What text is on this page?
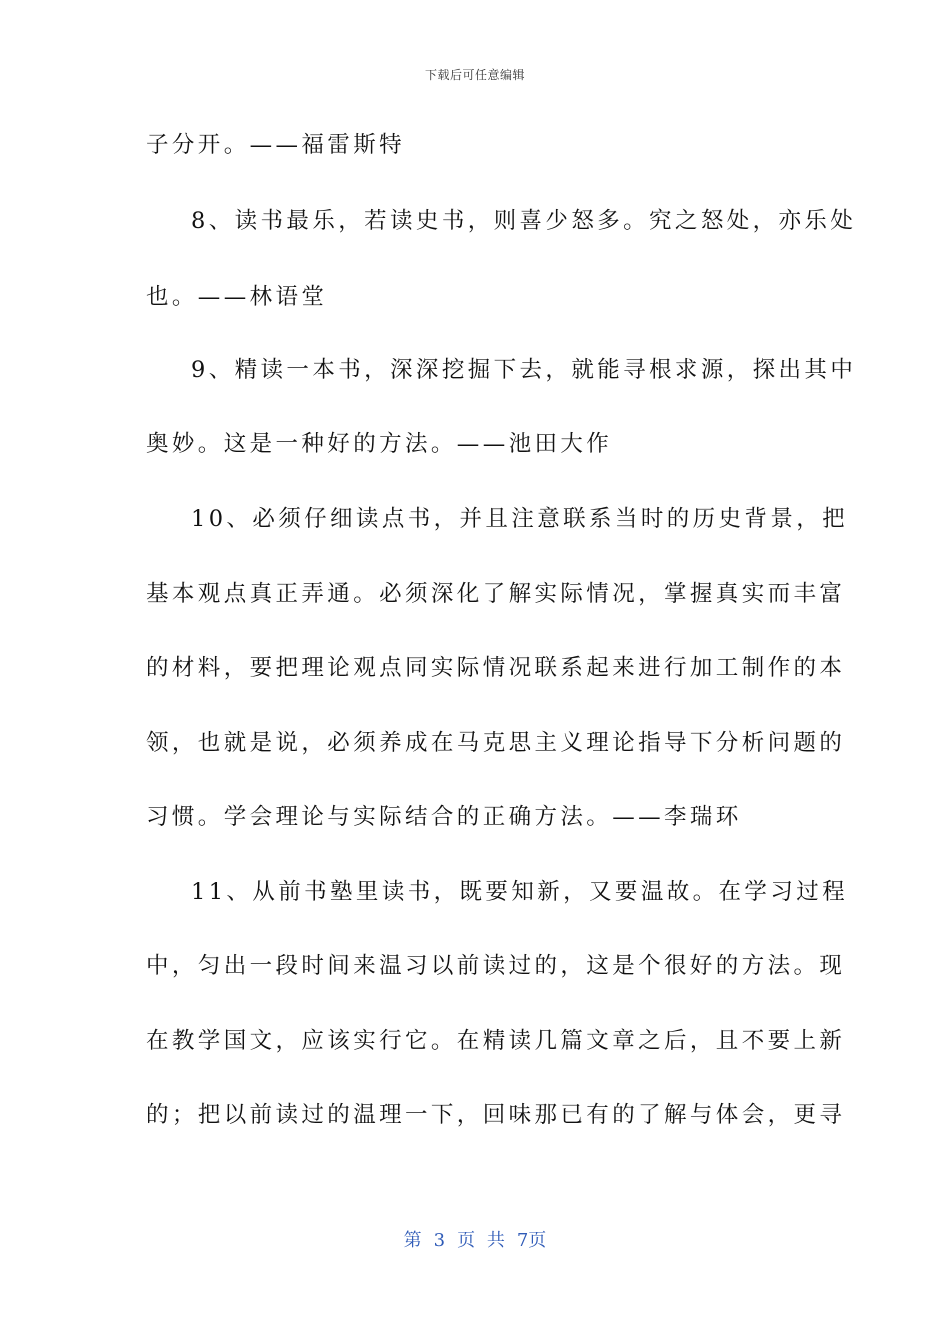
下载后可任意编辑
子分开。——福雷斯特
8、读书最乐，若读史书，则喜少怒多。究之怒处，亦乐处
也。——林语堂
9、精读一本书，深深挖掘下去，就能寻根求源，探出其中
奥妙。这是一种好的方法。——池田大作
10、必须仔细读点书，并且注意联系当时的历史背景，把
基本观点真正弄通。必须深化了解实际情况，掌握真实而丰富
的材料，要把理论观点同实际情况联系起来进行加工制作的本
领，也就是说，必须养成在马克思主义理论指导下分析问题的
习惯。学会理论与实际结合的正确方法。——李瑞环
11、从前书塾里读书，既要知新，又要温故。在学习过程
中，匀出一段时间来温习以前读过的，这是个很好的方法。现
在教学国文，应该实行它。在精读几篇文章之后，且不要上新
的；把以前读过的温理一下，回味那已有的了解与体会，更寻
第 3 页 共 7页
